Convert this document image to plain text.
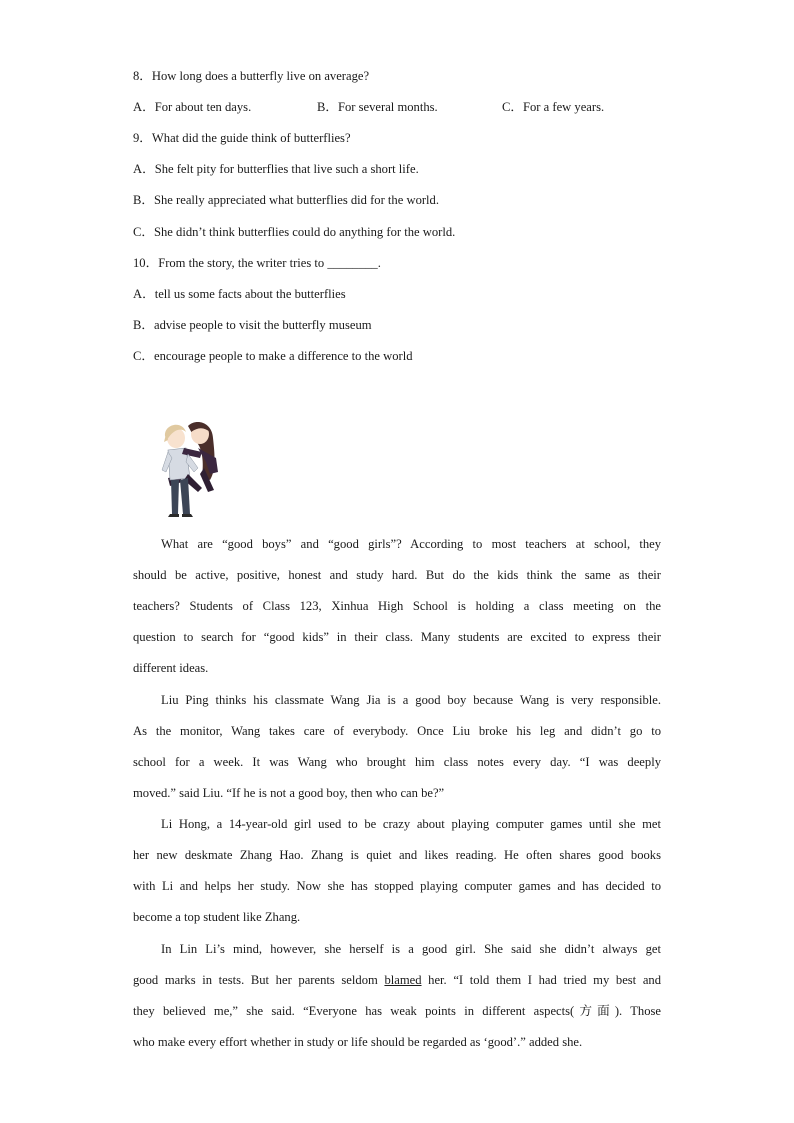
8．How long does a butterfly live on average?
A．For about ten days.	B．For several months.	C．For a few years.
9．What did the guide think of butterflies?
A．She felt pity for butterflies that live such a short life.
B．She really appreciated what butterflies did for the world.
C．She didn’t think butterflies could do anything for the world.
10．From the story, the writer tries to ________.
A．tell us some facts about the butterflies
B．advise people to visit the butterfly museum
C．encourage people to make a difference to the world
What are “good boys” and “good girls”? According to most teachers at school, they
should be active, positive, honest and study hard. But do the kids think the same as their
teachers? Students of Class 123, Xinhua High School is holding a class meeting on the
question to search for “good kids” in their class. Many students are excited to express their
different ideas.
Liu Ping thinks his classmate Wang Jia is a good boy because Wang is very responsible.
As the monitor, Wang takes care of everybody. Once Liu broke his leg and didn’t go to
school for a week. It was Wang who brought him class notes every day. “I was deeply
moved.” said Liu. “If he is not a good boy, then who can be?”
Li Hong, a 14-year-old girl used to be crazy about playing computer games until she met
her new deskmate Zhang Hao. Zhang is quiet and likes reading. He often shares good books
with Li and helps her study. Now she has stopped playing computer games and has decided to
become a top student like Zhang.
In Lin Li’s mind, however, she herself is a good girl. She said she didn’t always get
good marks in tests. But her parents seldom blamed her. “I told them I had tried my best and
they believed me,” she said. “Everyone has weak points in different aspects(方面). Those
who make every effort whether in study or life should be regarded as ‘good’.” added she.
